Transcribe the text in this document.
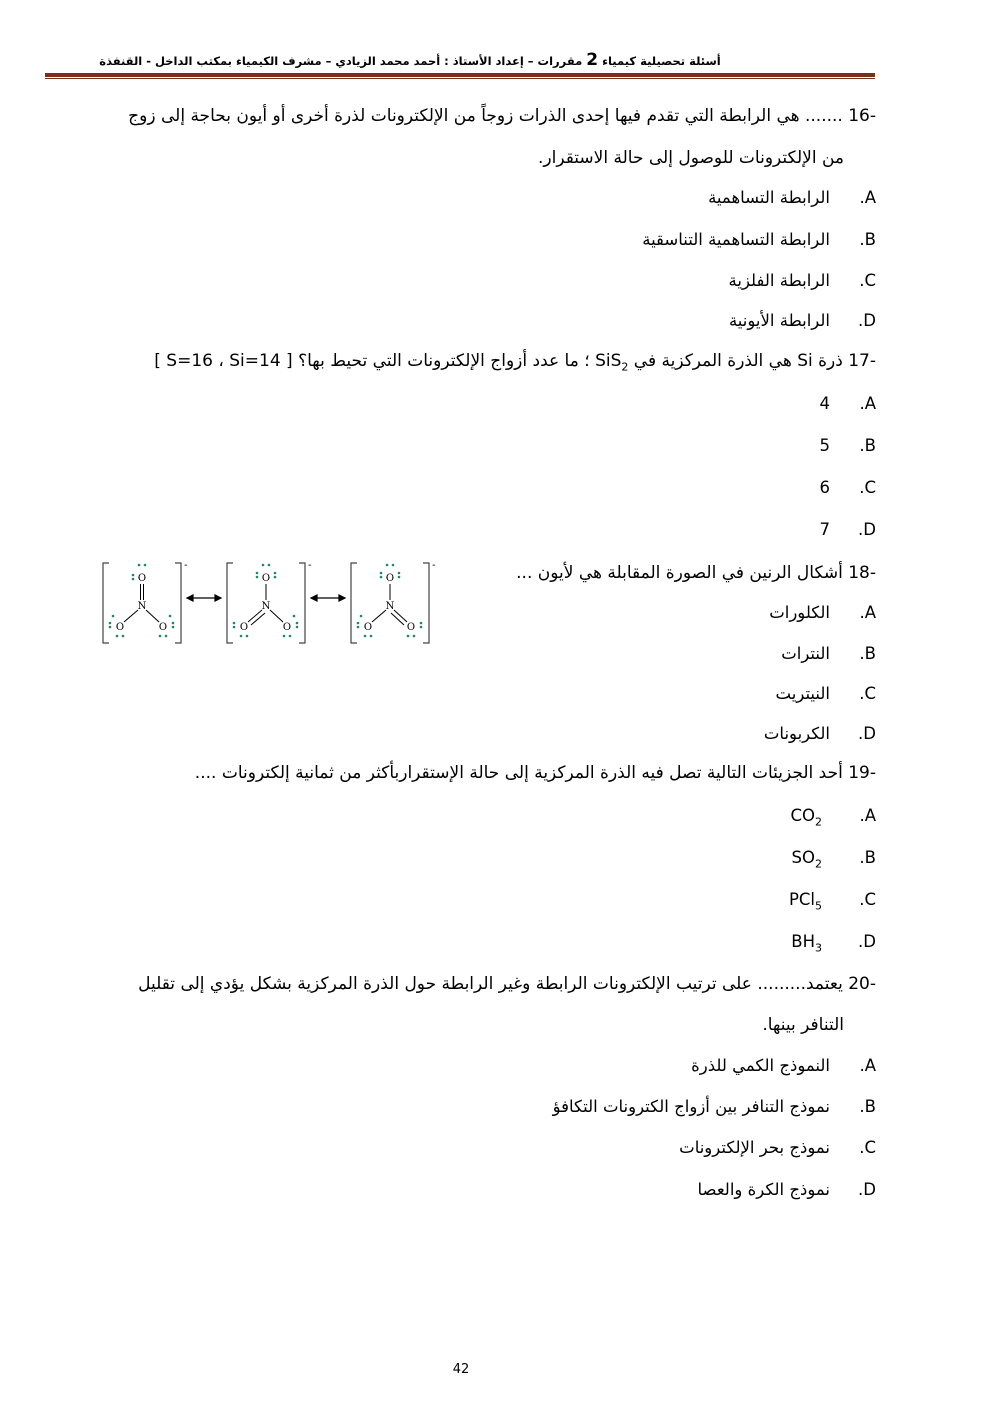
أسئلة تحصيلية كيمياء 2 مقررات – إعداد الأستاذ : أحمد محمد الزيادي – مشرف الكيمياء بمكتب الداخل - القنفذة
-16 ....... هي الرابطة التي تقدم فيها إحدى الذرات زوجاً من الإلكترونات لذرة أخرى أو أيون بحاجة إلى زوج
من الإلكترونات للوصول إلى حالة الاستقرار.
A.الرابطة التساهمية
B.الرابطة التساهمية التناسقية
C.الرابطة الفلزية
D.الرابطة الأيونية
-17 ذرة Si هي الذرة المركزية في SiS$_2$ ؛ ما عدد أزواج الإلكترونات التي تحيط بها؟ [ S=16 ، Si=14 ]
A.4
B.5
C.6
D.7
-18 أشكال الرنين في الصورة المقابلة هي لأيون ...
-	-	-
O
N
O	O
O
N
O	O
O
N
O	O
A.الكلورات
B.النترات
C.النيتريت
D.الكربونات
-19 أحد الجزيئات التالية تصل فيه الذرة المركزية إلى حالة الإستقراربأكثر من ثمانية إلكترونات ....
$A.CO_2$
$B.SO_2$
C.PCl$_5$
$D.BH_3$
-20 يعتمد......... على ترتيب الإلكترونات الرابطة وغير الرابطة حول الذرة المركزية بشكل يؤدي إلى تقليل
التنافر بينها.
A.النموذج الكمي للذرة
B.نموذج التنافر بين أزواج الكترونات التكافؤ
C.نموذج بحر الإلكترونات
D.نموذج الكرة والعصا
42
